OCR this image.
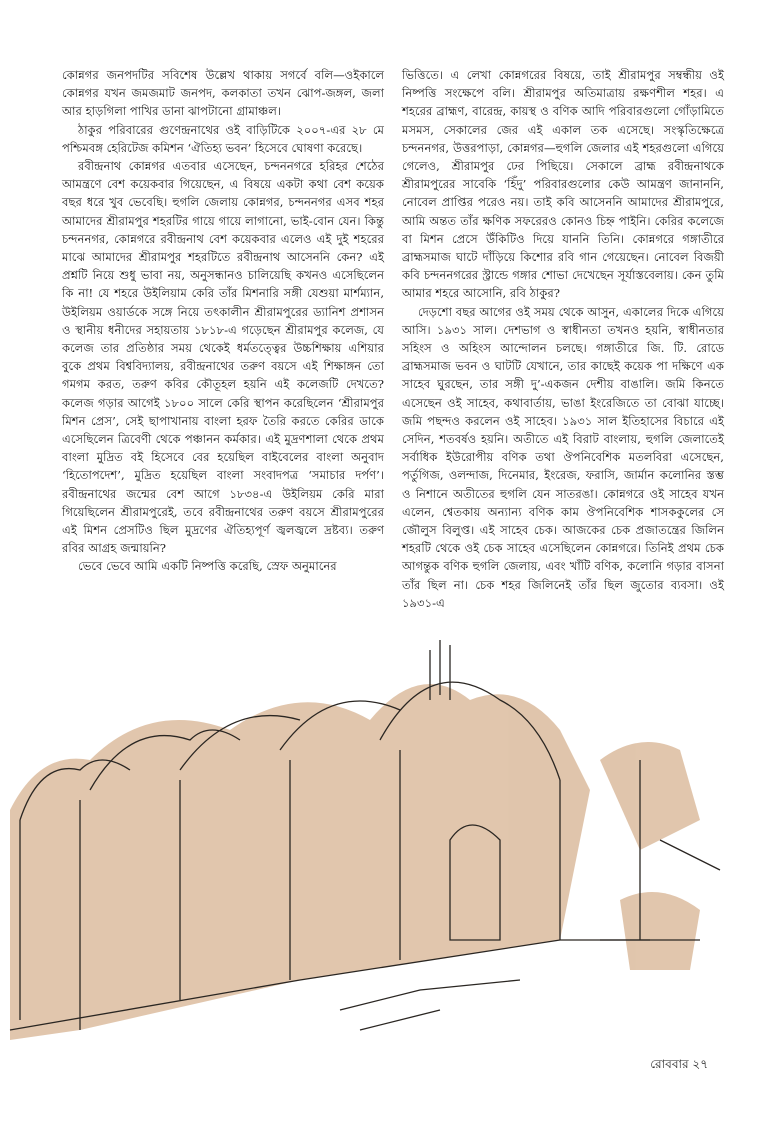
কোন্নগর জনপদটির সবিশেষ উল্লেখ থাকায় সগর্বে বলি—ওইকালে কোন্নগর যখন জমজমাট জনপদ, কলকাতা তখন ঝোপ-জঙ্গল, জলা আর হাড়গিলা পাখির ডানা ঝাপটানো গ্রামাঞ্চল।

ঠাকুর পরিবারের গুণেন্দ্রনাথের ওই বাড়িটিকে ২০০৭-এর ২৮ মে পশ্চিমবঙ্গ হেরিটেজ কমিশন ‘ঐতিহ্য ভবন’ হিসেবে ঘোষণা করেছে।

রবীন্দ্রনাথ কোন্নগর এতবার এসেছেন, চন্দননগরে হরিহর শেঠের আমন্ত্রণে বেশ কয়েকবার গিয়েছেন, এ বিষয়ে একটা কথা বেশ কয়েক বছর ধরে খুব ভেবেছি। হুগলি জেলায় কোন্নগর, চন্দননগর এসব শহর আমাদের শ্রীরামপুর শহরটির গায়ে গায়ে লাগানো, ভাই-বোন যেন। কিন্তু চন্দননগর, কোন্নগরে রবীন্দ্রনাথ বেশ কয়েকবার এলেও এই দুই শহরের মাঝে আমাদের শ্রীরামপুর শহরটিতে রবীন্দ্রনাথ আসেননি কেন? এই প্রশ্নটি নিয়ে শুধু ভাবা নয়, অনুসন্ধানও চালিয়েছি কখনও এসেছিলেন কি না! যে শহরে উইলিয়াম কেরি তাঁর মিশনারি সঙ্গী যেশুয়া মার্শম্যান, উইলিয়ম ওয়ার্ডকে সঙ্গে নিয়ে তৎকালীন শ্রীরামপুরের ড্যানিশ প্রশাসন ও স্থানীয় ধনীদের সহায়তায় ১৮১৮-এ গড়েছেন শ্রীরামপুর কলেজ, যে কলেজ তার প্রতিষ্ঠার সময় থেকেই ধর্মতত্ত্বের উচ্চশিক্ষায় এশিয়ার বুকে প্রথম বিশ্ববিদ্যালয়, রবীন্দ্রনাথের তরুণ বয়সে এই শিক্ষাঙ্গন তো গমগম করত, তরুণ কবির কৌতূহল হয়নি এই কলেজটি দেখতে? কলেজ গড়ার আগেই ১৮০০ সালে কেরি স্থাপন করেছিলেন ‘শ্রীরামপুর মিশন প্রেস’, সেই ছাপাখানায় বাংলা হরফ তৈরি করতে কেরির ডাকে এসেছিলেন ত্রিবেণী থেকে পঞ্চানন কর্মকার। এই মুদ্রণশালা থেকে প্রথম বাংলা মুদ্রিত বই হিসেবে বের হয়েছিল বাইবেলের বাংলা অনুবাদ ‘হিতোপদেশ’, মুদ্রিত হয়েছিল বাংলা সংবাদপত্র ‘সমাচার দর্পণ’। রবীন্দ্রনাথের জন্মের বেশ আগে ১৮৩৪-এ উইলিয়ম কেরি মারা গিয়েছিলেন শ্রীরামপুরেই, তবে রবীন্দ্রনাথের তরুণ বয়সে শ্রীরামপুরের এই মিশন প্রেসটিও ছিল মুদ্রণের ঐতিহ্যপূর্ণ জ্বলজ্বলে দ্রষ্টব্য। তরুণ রবির আগ্রহ জন্মায়নি?

ভেবে ভেবে আমি একটি নিষ্পত্তি করেছি, স্রেফ অনুমানের

ভিত্তিতে। এ লেখা কোন্নগরের বিষয়ে, তাই শ্রীরামপুর সম্বন্ধীয় ওই নিষ্পত্তি সংক্ষেপে বলি। শ্রীরামপুর অতিমাত্রায় রক্ষণশীল শহর। এ শহরের ব্রাহ্মণ, বারেন্দ্র, কায়স্থ ও বণিক আদি পরিবারগুলো গোঁড়ামিতে মসমস, সেকালের জের এই একাল তক এসেছে। সংস্কৃতিক্ষেত্রে চন্দননগর, উত্তরপাড়া, কোন্নগর—হুগলি জেলার এই শহরগুলো এগিয়ে গেলেও, শ্রীরামপুর ঢের পিছিয়ে। সেকালে ব্রাহ্ম রবীন্দ্রনাথকে শ্রীরামপুরের সাবেকি ‘হিঁদু’ পরিবারগুলোর কেউ আমন্ত্রণ জানাননি, নোবেল প্রাপ্তির পরেও নয়। তাই কবি আসেননি আমাদের শ্রীরামপুরে, আমি অন্তত তাঁর ক্ষণিক সফরেরও কোনও চিহ্ন পাইনি। কেরির কলেজে বা মিশন প্রেসে উঁকিটিও দিয়ে যাননি তিনি। কোন্নগরে গঙ্গাতীরে ব্রাহ্মসমাজ ঘাটে দাঁড়িয়ে কিশোর রবি গান গেয়েছেন। নোবেল বিজয়ী কবি চন্দননগরের স্ট্রান্ডে গঙ্গার শোভা দেখেছেন সূর্যাস্তবেলায়। কেন তুমি আমার শহরে আসোনি, রবি ঠাকুর?

দেড়শো বছর আগের ওই সময় থেকে আসুন, একালের দিকে এগিয়ে আসি। ১৯৩১ সাল। দেশভাগ ও স্বাধীনতা তখনও হয়নি, স্বাধীনতার সহিংস ও অহিংস আন্দোলন চলছে। গঙ্গাতীরে জি. টি. রোডে ব্রাহ্মসমাজ ভবন ও ঘাটটি যেখানে, তার কাছেই কয়েক পা দক্ষিণে এক সাহেব ঘুরছেন, তার সঙ্গী দু’-একজন দেশীয় বাঙালি। জমি কিনতে এসেছেন ওই সাহেব, কথাবার্তায়, ভাঙা ইংরেজিতে তা বোঝা যাচ্ছে। জমি পছন্দও করলেন ওই সাহেব। ১৯৩১ সাল ইতিহাসের বিচারে এই সেদিন, শতবর্ষও হয়নি। অতীতে এই বিরাট বাংলায়, হুগলি জেলাতেই সর্বাধিক ইউরোপীয় বণিক তথা ঔপনিবেশিক মতলবিরা এসেছেন, পর্তুগিজ, ওলন্দাজ, দিনেমার, ইংরেজ, ফরাসি, জার্মান কলোনির স্তম্ভ ও নিশানে অতীতের হুগলি যেন সাতরঙা। কোন্নগরে ওই সাহেব যখন এলেন, শ্বেতকায় অন্যান্য বণিক কাম ঔপনিবেশিক শাসককুলের সে জৌলুস বিলুপ্ত। এই সাহেব চেক। আজকের চেক প্রজাতন্ত্রের জিলিন শহরটি থেকে ওই চেক সাহেব এসেছিলেন কোন্নগরে। তিনিই প্রথম চেক আগন্তুক বণিক হুগলি জেলায়, এবং খাঁটি বণিক, কলোনি গড়ার বাসনা তাঁর ছিল না। চেক শহর জিলিনেই তাঁর ছিল জুতোর ব্যবসা। ওই ১৯৩১-এ

রোববার ২৭
